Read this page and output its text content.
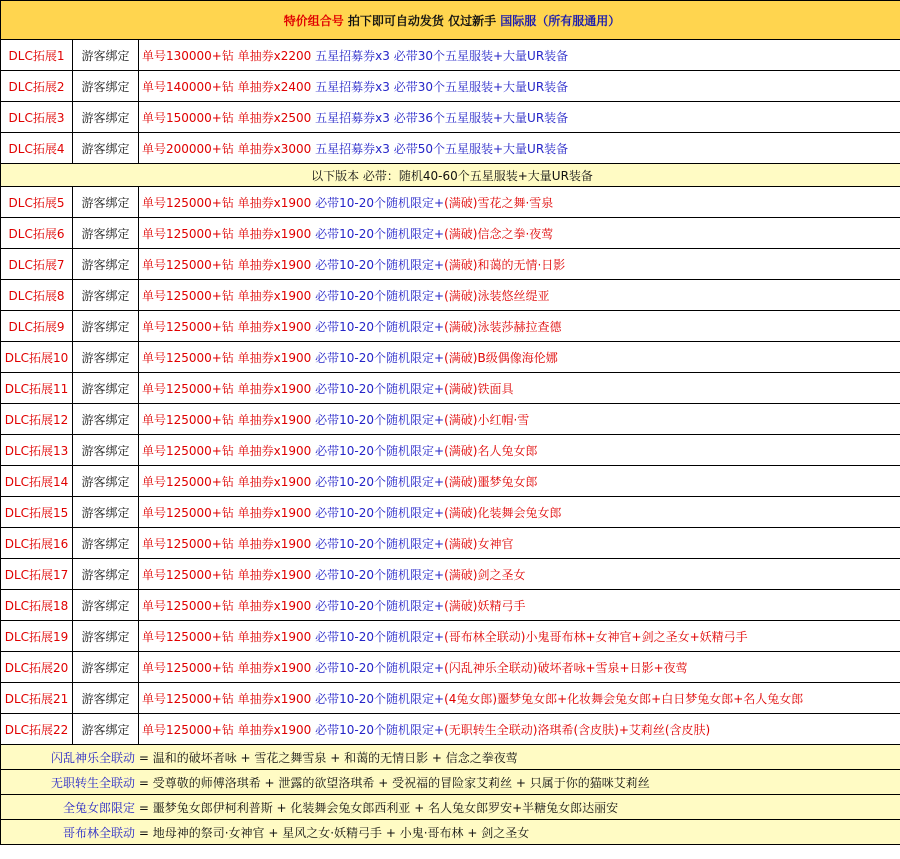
特价组合号 拍下即可自动发货 仅过新手 国际服（所有服通用）		
DLC拓展1	游客绑定	单号130000+钻 单抽券x2200 五星招募券x3 必带30个五星服装+大量UR装备
DLC拓展2	游客绑定	单号140000+钻 单抽券x2400 五星招募券x3 必带30个五星服装+大量UR装备
DLC拓展3	游客绑定	单号150000+钻 单抽券x2500 五星招募券x3 必带36个五星服装+大量UR装备
DLC拓展4	游客绑定	单号200000+钻 单抽券x3000 五星招募券x3 必带50个五星服装+大量UR装备
以下版本 必带：随机40-60个五星服装+大量UR装备		
DLC拓展5	游客绑定	单号125000+钻 单抽券x1900 必带10-20个随机限定+(满破)雪花之舞·雪泉
DLC拓展6	游客绑定	单号125000+钻 单抽券x1900 必带10-20个随机限定+(满破)信念之拳·夜莺
DLC拓展7	游客绑定	单号125000+钻 单抽券x1900 必带10-20个随机限定+(满破)和蔼的无情·日影
DLC拓展8	游客绑定	单号125000+钻 单抽券x1900 必带10-20个随机限定+(满破)泳装悠丝缇亚
DLC拓展9	游客绑定	单号125000+钻 单抽券x1900 必带10-20个随机限定+(满破)泳装莎赫拉查德
DLC拓展10	游客绑定	单号125000+钻 单抽券x1900 必带10-20个随机限定+(满破)B级偶像海伦娜
DLC拓展11	游客绑定	单号125000+钻 单抽券x1900 必带10-20个随机限定+(满破)铁面具
DLC拓展12	游客绑定	单号125000+钻 单抽券x1900 必带10-20个随机限定+(满破)小红帽·雪
DLC拓展13	游客绑定	单号125000+钻 单抽券x1900 必带10-20个随机限定+(满破)名人兔女郎
DLC拓展14	游客绑定	单号125000+钻 单抽券x1900 必带10-20个随机限定+(满破)噩梦兔女郎
DLC拓展15	游客绑定	单号125000+钻 单抽券x1900 必带10-20个随机限定+(满破)化装舞会兔女郎
DLC拓展16	游客绑定	单号125000+钻 单抽券x1900 必带10-20个随机限定+(满破)女神官
DLC拓展17	游客绑定	单号125000+钻 单抽券x1900 必带10-20个随机限定+(满破)剑之圣女
DLC拓展18	游客绑定	单号125000+钻 单抽券x1900 必带10-20个随机限定+(满破)妖精弓手
DLC拓展19	游客绑定	单号125000+钻 单抽券x1900 必带10-20个随机限定+(哥布林全联动)小鬼哥布林+女神官+剑之圣女+妖精弓手
DLC拓展20	游客绑定	单号125000+钻 单抽券x1900 必带10-20个随机限定+(闪乱神乐全联动)破坏者咏+雪泉+日影+夜莺
DLC拓展21	游客绑定	单号125000+钻 单抽券x1900 必带10-20个随机限定+(4兔女郎)噩梦兔女郎+化妆舞会兔女郎+白日梦兔女郎+名人兔女郎
DLC拓展22	游客绑定	单号125000+钻 单抽券x1900 必带10-20个随机限定+(无职转生全联动)洛琪希(含皮肤)+艾莉丝(含皮肤)
闪乱神乐全联动 = 温和的破坏者咏 + 雪花之舞雪泉 + 和蔼的无情日影 + 信念之拳夜莺		
无职转生全联动 = 受尊敬的师傅洛琪希 + 泄露的欲望洛琪希 + 受祝福的冒险家艾莉丝 + 只属于你的猫咪艾莉丝		
全兔女郎限定 = 噩梦兔女郎伊柯利普斯 + 化装舞会兔女郎西利亚 + 名人兔女郎罗安+半糖兔女郎达丽安		
哥布林全联动 = 地母神的祭司·女神官 + 星风之女·妖精弓手 + 小鬼·哥布林 + 剑之圣女		
